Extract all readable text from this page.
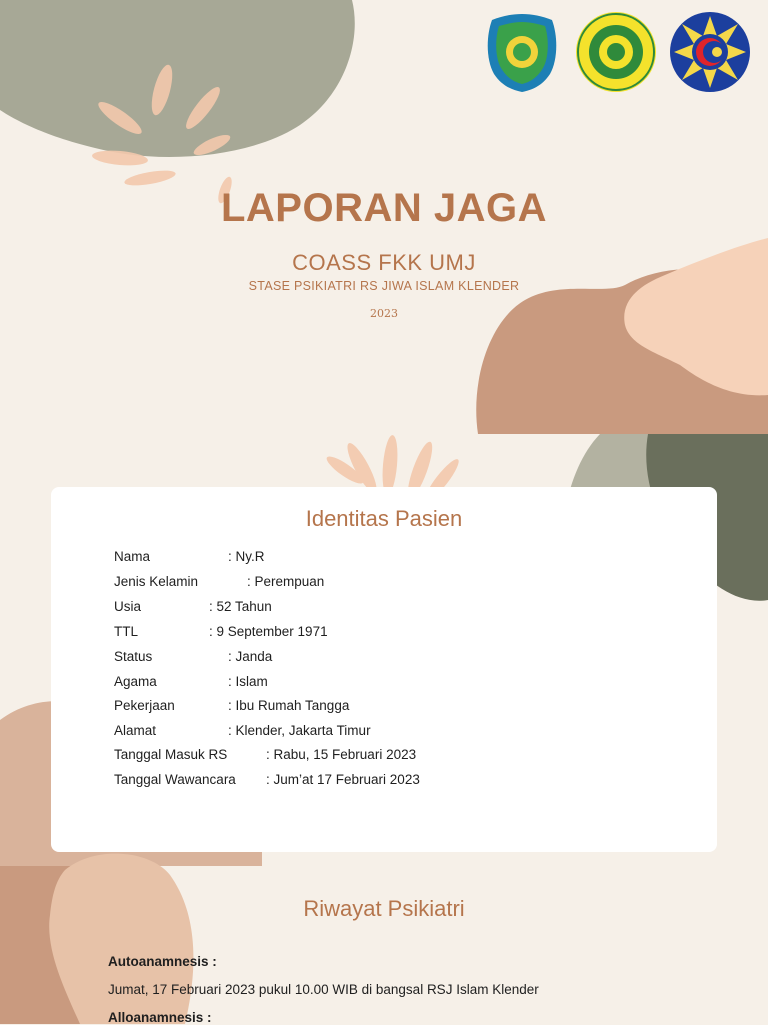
LAPORAN JAGA
COASS FKK UMJ
STASE PSIKIATRI RS JIWA ISLAM KLENDER
2023
Identitas Pasien
Nama	: Ny.R
Jenis Kelamin	: Perempuan
Usia	: 52 Tahun
TTL	: 9 September 1971
Status	: Janda
Agama	: Islam
Pekerjaan	: Ibu Rumah Tangga
Alamat	: Klender, Jakarta Timur
Tanggal Masuk RS	: Rabu, 15 Februari 2023
Tanggal Wawancara : Jum’at 17 Februari 2023
Riwayat Psikiatri
Autoanamnesis :
Jumat, 17 Februari 2023 pukul 10.00 WIB di bangsal RSJ Islam Klender
Alloanamnesis :
